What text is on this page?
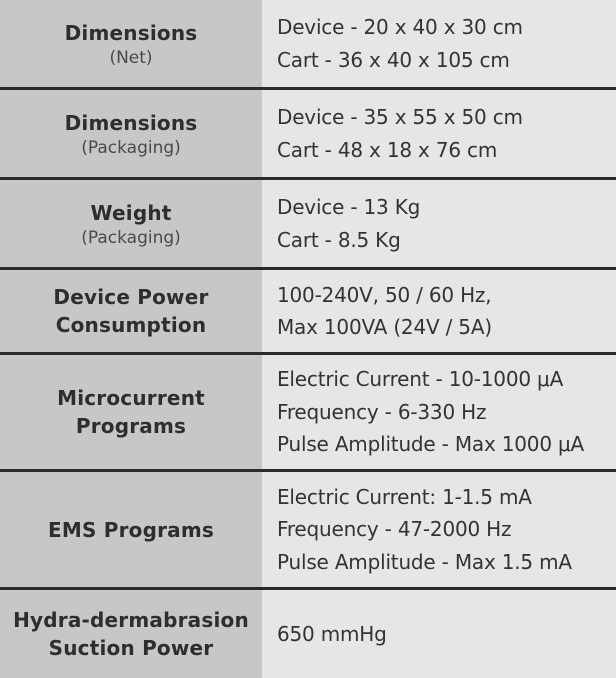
Dimensions
(Net)
Device - 20 x 40 x 30 cm
Cart - 36 x 40 x 105 cm
Dimensions
(Packaging)
Device - 35 x 55 x 50 cm
Cart - 48 x 18 x 76 cm
Weight
(Packaging)
Device - 13 Kg
Cart - 8.5 Kg
Device Power
Consumption
100-240V, 50 / 60 Hz,
Max 100VA (24V / 5A)
Microcurrent
Programs
Electric Current - 10-1000 μA
Frequency - 6-330 Hz
Pulse Amplitude - Max 1000 μA
EMS Programs
Electric Current: 1-1.5 mA
Frequency - 47-2000 Hz
Pulse Amplitude - Max 1.5 mA
Hydra-dermabrasion
Suction Power
650 mmHg
